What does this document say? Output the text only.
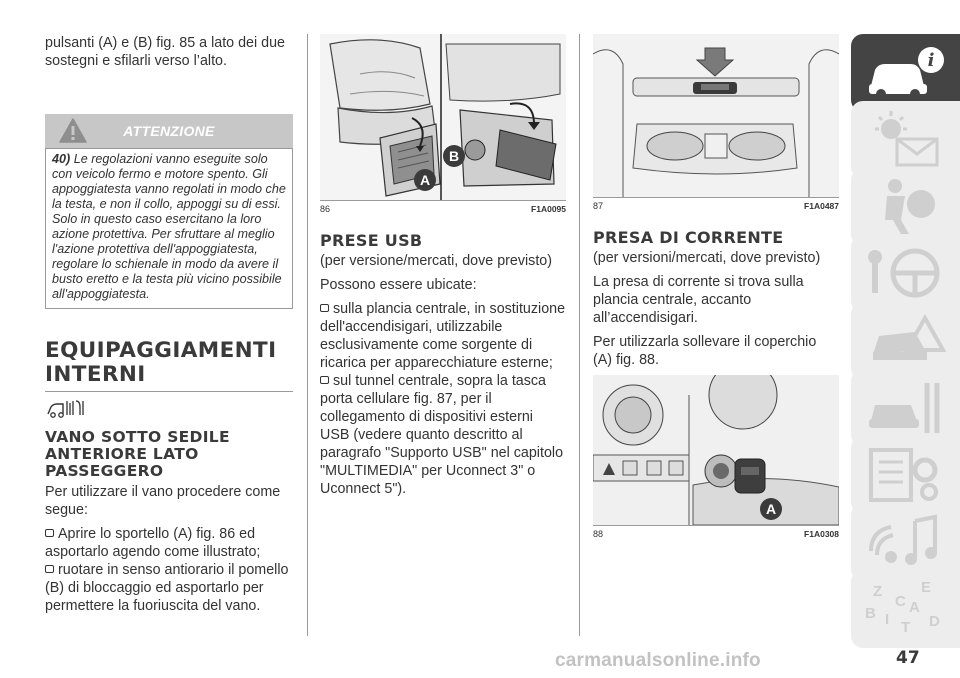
pulsanti (A) e (B) fig. 85 a lato dei due sostegni e sfilarli verso l’alto.

ATTENZIONE

40) Le regolazioni vanno eseguite solo con veicolo fermo e motore spento. Gli appoggiatesta vanno regolati in modo che la testa, e non il collo, appoggi su di essi. Solo in questo caso esercitano la loro azione protettiva. Per sfruttare al meglio l'azione protettiva dell'appoggiatesta, regolare lo schienale in modo da avere il busto eretto e la testa più vicino possibile all'appoggiatesta.

EQUIPAGGIAMENTI
INTERNI
VANO SOTTO SEDILE ANTERIORE LATO PASSEGGERO

Per utilizzare il vano procedere come segue:

Aprire lo sportello (A) fig. 86 ed asportarlo agendo come illustrato;

ruotare in senso antiorario il pomello (B) di bloccaggio ed asportarlo per permettere la fuoriuscita del vano.

B
A
86	F1A0095
PRESE USB

(per versione/mercati, dove previsto)

Possono essere ubicate:

sulla plancia centrale, in sostituzione dell'accendisigari, utilizzabile esclusivamente come sorgente di ricarica per apparecchiature esterne;

sul tunnel centrale, sopra la tasca porta cellulare fig. 87, per il collegamento di dispositivi esterni USB (vedere quanto descritto al paragrafo "Supporto USB" nel capitolo "MULTIMEDIA" per Uconnect 3" o Uconnect 5").

87	F1A0487
PRESA DI CORRENTE

(per versioni/mercati, dove previsto)

La presa di corrente si trova sulla plancia centrale, accanto all’accendisigari.

Per utilizzarla sollevare il coperchio (A) fig. 88.

A
88	F1A0308
i
Z	E
A
B I
C
T D
carmanualsonline.info	47
